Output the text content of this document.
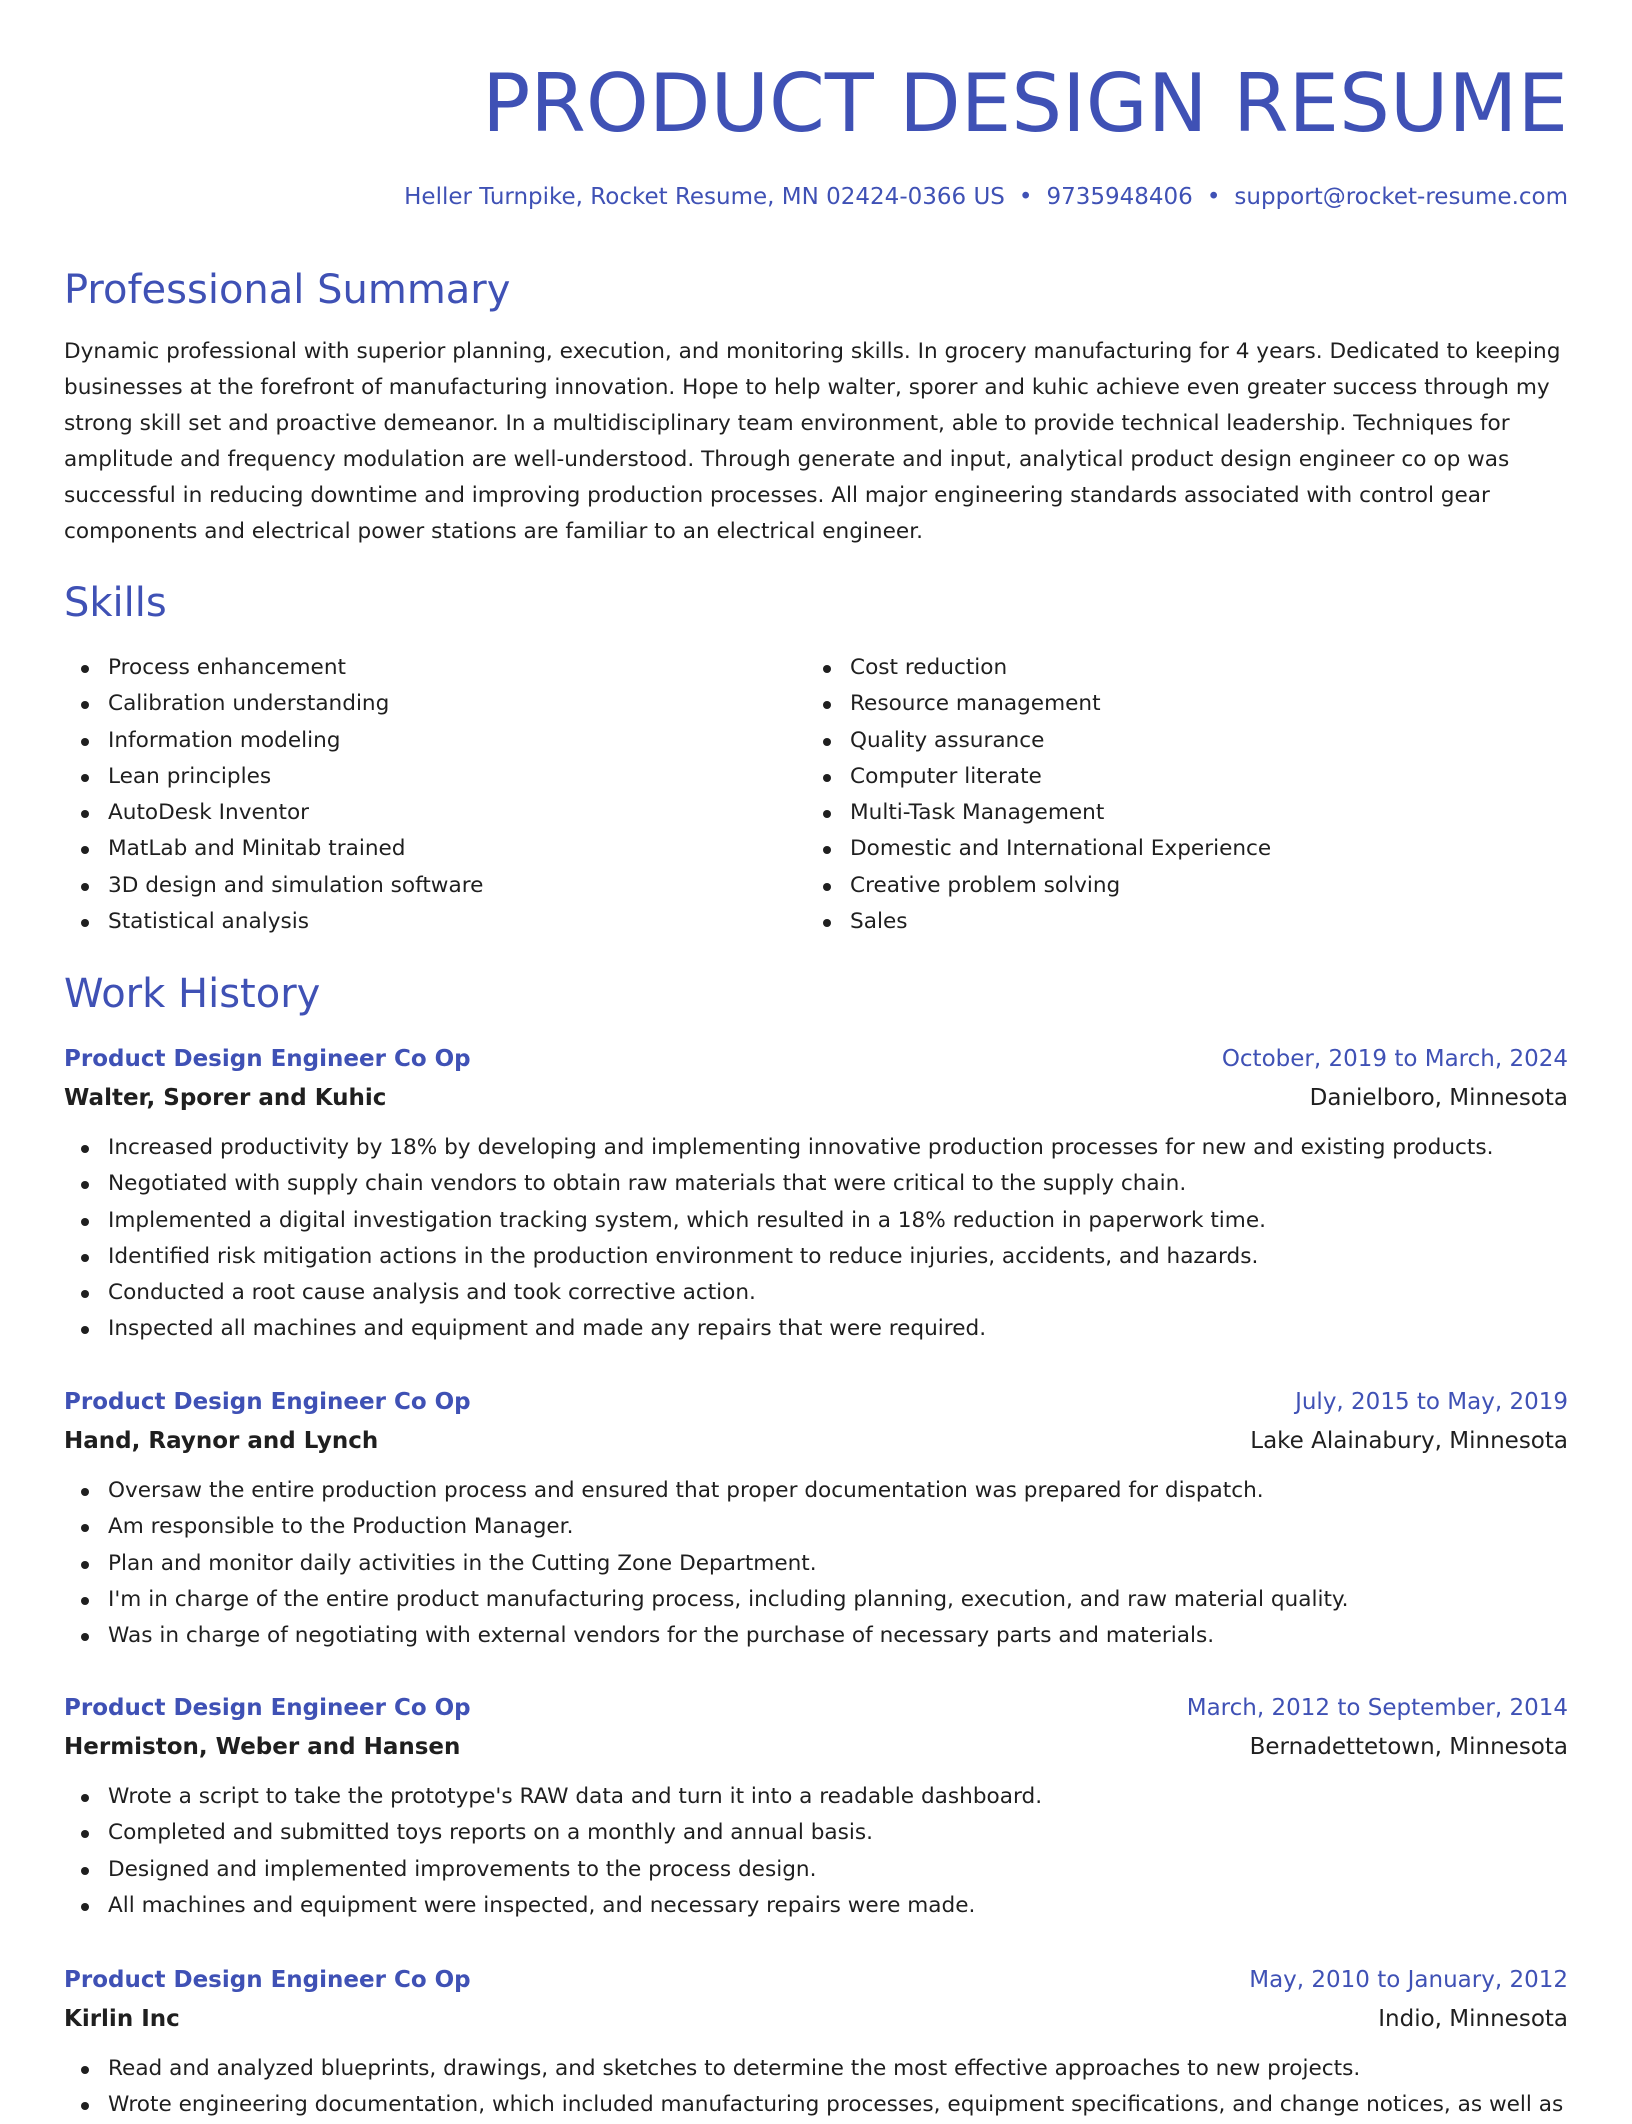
PRODUCT DESIGN RESUME
Heller Turnpike, Rocket Resume, MN 02424-0366 US • 9735948406 • support@rocket-resume.com
Professional Summary

Dynamic professional with superior planning, execution, and monitoring skills. In grocery manufacturing for 4 years. Dedicated to keeping businesses at the forefront of manufacturing innovation. Hope to help walter, sporer and kuhic achieve even greater success through my strong skill set and proactive demeanor. In a multidisciplinary team environment, able to provide technical leadership. Techniques for amplitude and frequency modulation are well-understood. Through generate and input, analytical product design engineer co op was successful in reducing downtime and improving production processes. All major engineering standards associated with control gear components and electrical power stations are familiar to an electrical engineer.

Skills
Process enhancement
Calibration understanding
Information modeling
Lean principles
AutoDesk Inventor
MatLab and Minitab trained
3D design and simulation software
Statistical analysis
Cost reduction
Resource management
Quality assurance
Computer literate
Multi-Task Management
Domestic and International Experience
Creative problem solving
Sales
Work History
Product Design Engineer Co Op	October, 2019 to March, 2024
Walter, Sporer and Kuhic	Danielboro, Minnesota
Increased productivity by 18% by developing and implementing innovative production processes for new and existing products.
Negotiated with supply chain vendors to obtain raw materials that were critical to the supply chain.
Implemented a digital investigation tracking system, which resulted in a 18% reduction in paperwork time.
Identified risk mitigation actions in the production environment to reduce injuries, accidents, and hazards.
Conducted a root cause analysis and took corrective action.
Inspected all machines and equipment and made any repairs that were required.
Product Design Engineer Co Op	July, 2015 to May, 2019
Hand, Raynor and Lynch	Lake Alainabury, Minnesota
Oversaw the entire production process and ensured that proper documentation was prepared for dispatch.
Am responsible to the Production Manager.
Plan and monitor daily activities in the Cutting Zone Department.
I'm in charge of the entire product manufacturing process, including planning, execution, and raw material quality.
Was in charge of negotiating with external vendors for the purchase of necessary parts and materials.
Product Design Engineer Co Op	March, 2012 to September, 2014
Hermiston, Weber and Hansen	Bernadettetown, Minnesota
Wrote a script to take the prototype's RAW data and turn it into a readable dashboard.
Completed and submitted toys reports on a monthly and annual basis.
Designed and implemented improvements to the process design.
All machines and equipment were inspected, and necessary repairs were made.
Product Design Engineer Co Op	May, 2010 to January, 2012
Kirlin Inc	Indio, Minnesota
Read and analyzed blueprints, drawings, and sketches to determine the most effective approaches to new projects.
Wrote engineering documentation, which included manufacturing processes, equipment specifications, and change notices, as well as
